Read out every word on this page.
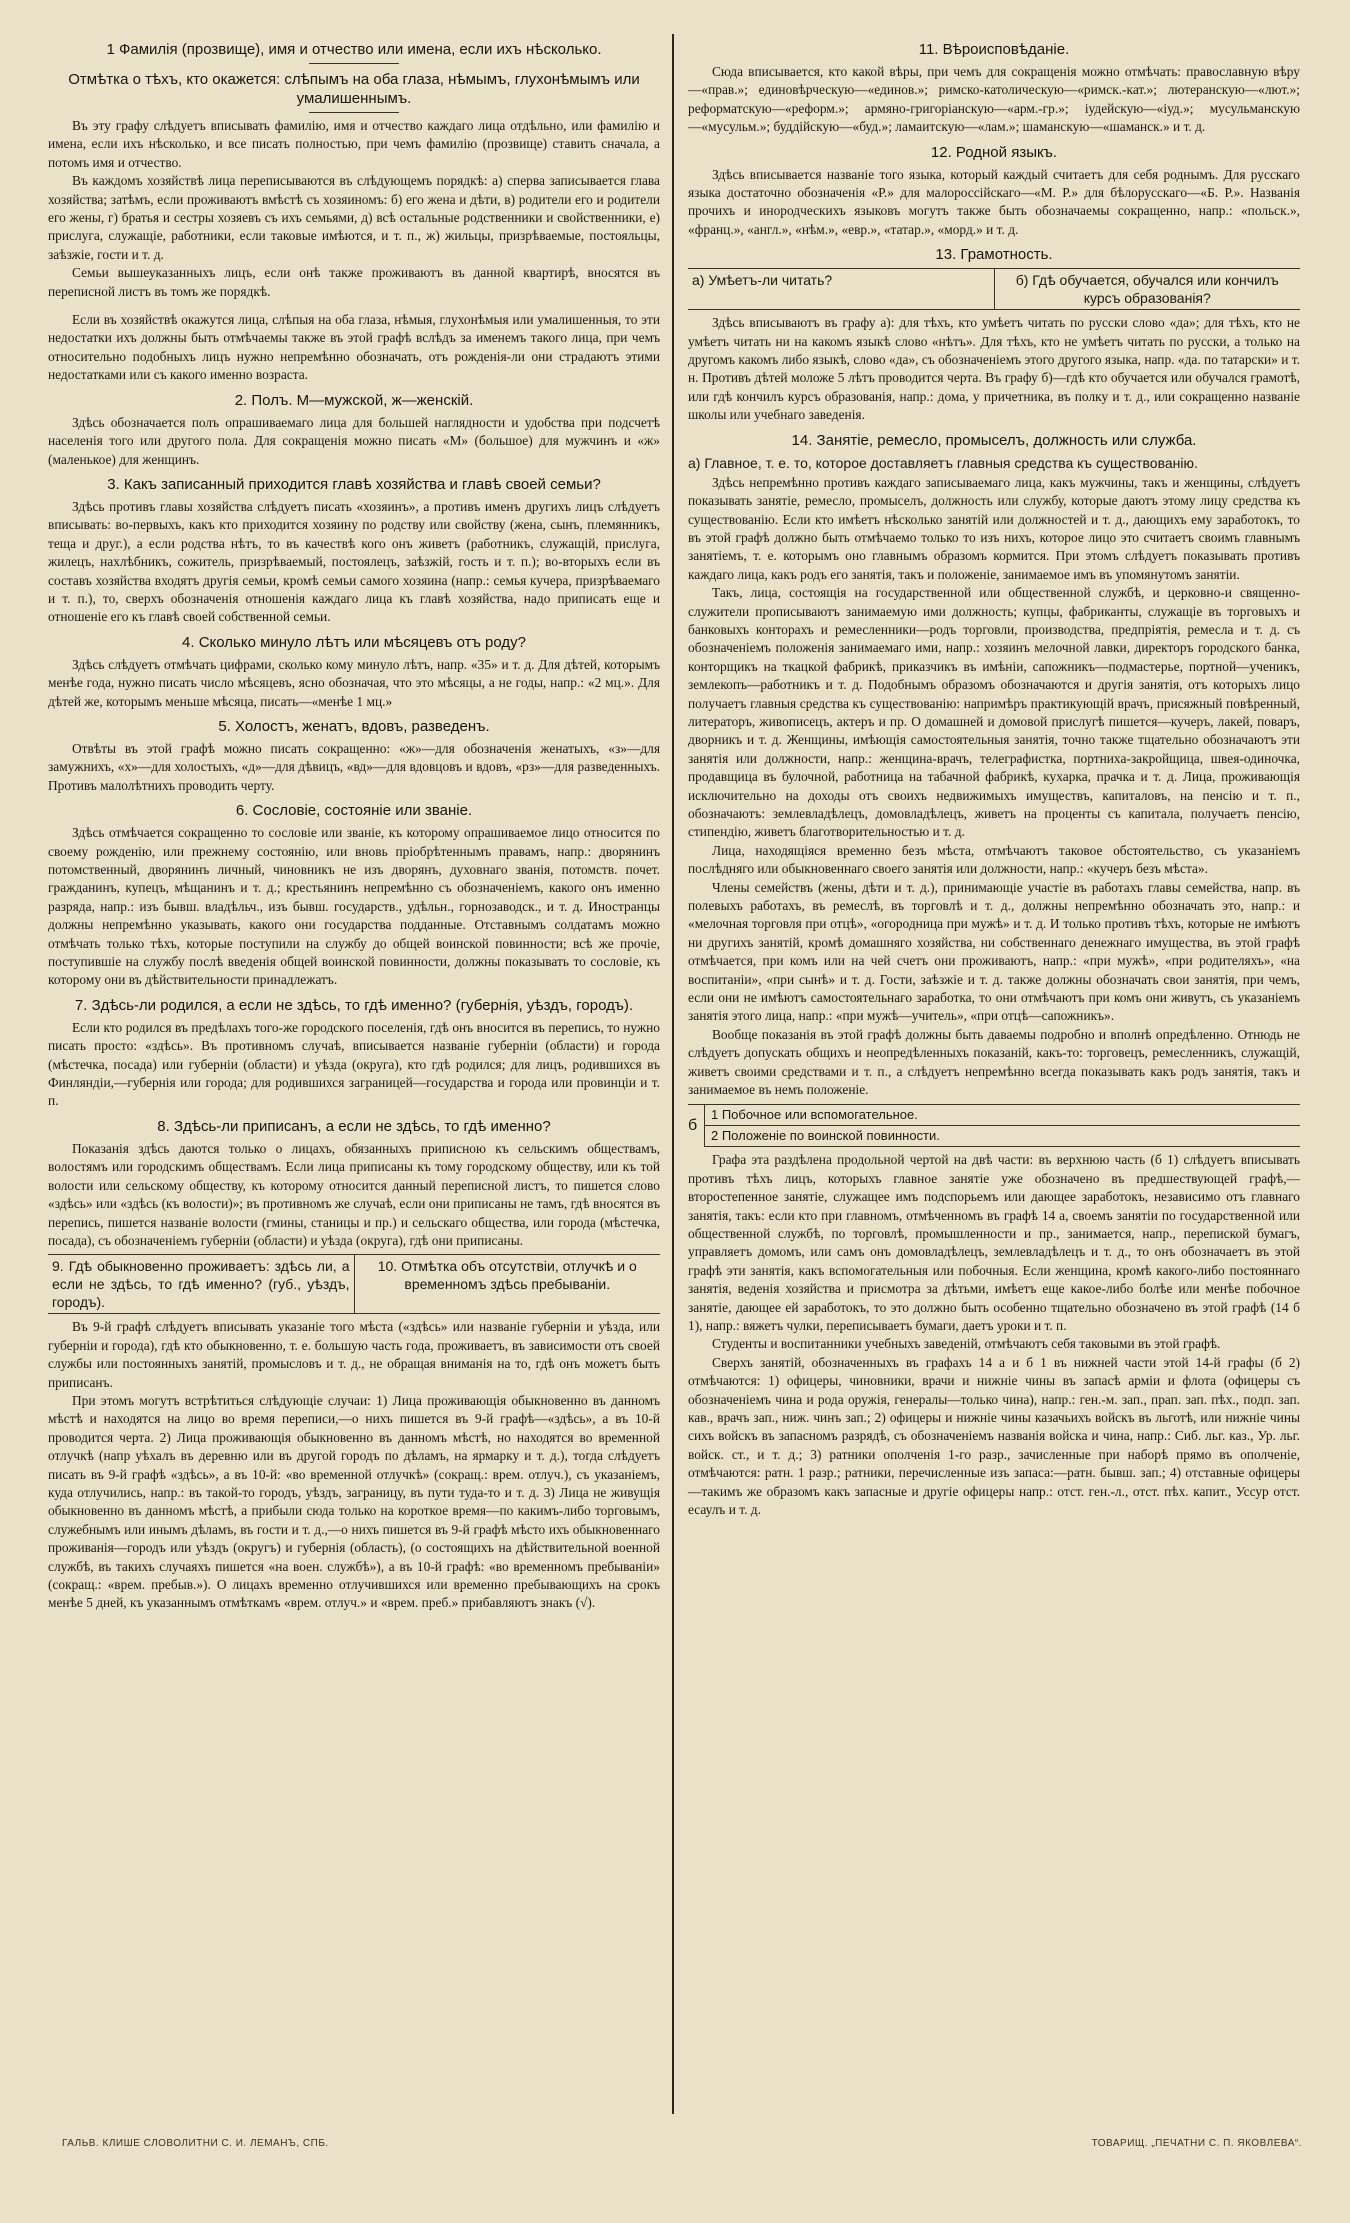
1 Фамилія (прозвище), имя и отчество или имена, если ихъ нѣсколько.
Отмѣтка о тѣхъ, кто окажется: слѣпымъ на оба глаза, нѣмымъ, глухонѣмымъ или умалишеннымъ.

Въ эту графу слѣдуетъ вписывать фамилію, имя и отчество каждаго лица отдѣльно, или фамилію и имена, если ихъ нѣсколько, и все писать полностью, при чемъ фамилію (прозвище) ставить сначала, а потомъ имя и отчество.

Въ каждомъ хозяйствѣ лица переписываются въ слѣдующемъ порядкѣ: а) сперва записывается глава хозяйства; затѣмъ, если проживаютъ вмѣстѣ съ хозяиномъ: б) его жена и дѣти, в) родители его и родители его жены, г) братья и сестры хозяевъ съ ихъ семьями, д) всѣ остальные родственники и свойственники, е) прислуга, служащіе, работники, если таковые имѣются, и т. п., ж) жильцы, призрѣваемые, постояльцы, заѣзжіе, гости и т. д.

Семьи вышеуказанныхъ лицъ, если онѣ также проживаютъ въ данной квартирѣ, вносятся въ переписной листъ въ томъ же порядкѣ.

Если въ хозяйствѣ окажутся лица, слѣпыя на оба глаза, нѣмыя, глухонѣмыя или умалишенныя, то эти недостатки ихъ должны быть отмѣчаемы также въ этой графѣ вслѣдъ за именемъ такого лица, при чемъ относительно подобныхъ лицъ нужно непремѣнно обозначать, отъ рожденія-ли они страдаютъ этими недостатками или съ какого именно возраста.

2. Полъ. М—мужской, ж—женскій.

Здѣсь обозначается полъ опрашиваемаго лица для большей наглядности и удобства при подсчетѣ населенія того или другого пола. Для сокращенія можно писать «М» (большое) для мужчинъ и «ж» (маленькое) для женщинъ.

3. Какъ записанный приходится главѣ хозяйства и главѣ своей семьи?

Здѣсь противъ главы хозяйства слѣдуетъ писать «хозяинъ», а противъ именъ другихъ лицъ слѣдуетъ вписывать: во-первыхъ, какъ кто приходится хозяину по родству или свойству (жена, сынъ, племянникъ, теща и друг.), а если родства нѣтъ, то въ качествѣ кого онъ живетъ (работникъ, служащій, прислуга, жилецъ, нахлѣбникъ, сожитель, призрѣваемый, постоялецъ, заѣзжій, гость и т. п.); во-вторыхъ если въ составъ хозяйства входятъ другія семьи, кромѣ семьи самого хозяина (напр.: семья кучера, призрѣваемаго и т. п.), то, сверхъ обозначенія отношенія каждаго лица къ главѣ хозяйства, надо приписать еще и отношеніе его къ главѣ своей собственной семьи.

4. Сколько минуло лѣтъ или мѣсяцевъ отъ роду?

Здѣсь слѣдуетъ отмѣчать цифрами, сколько кому минуло лѣтъ, напр. «35» и т. д. Для дѣтей, которымъ менѣе года, нужно писать число мѣсяцевъ, ясно обозначая, что это мѣсяцы, а не годы, напр.: «2 мц.». Для дѣтей же, которымъ меньше мѣсяца, писать—«менѣе 1 мц.»

5. Холостъ, женатъ, вдовъ, разведенъ.

Отвѣты въ этой графѣ можно писать сокращенно: «ж»—для обозначенія женатыхъ, «з»—для замужнихъ, «х»—для холостыхъ, «д»—для дѣвицъ, «вд»—для вдовцовъ и вдовъ, «рз»—для разведенныхъ. Противъ малолѣтнихъ проводить черту.

6. Сословіе, состояніе или званіе.

Здѣсь отмѣчается сокращенно то сословіе или званіе, къ которому опрашиваемое лицо относится по своему рожденію, или прежнему состоянію, или вновь пріобрѣтеннымъ правамъ, напр.: дворянинъ потомственный, дворянинъ личный, чиновникъ не изъ дворянъ, духовнаго званія, потомств. почет. гражданинъ, купецъ, мѣщанинъ и т. д.; крестьянинъ непремѣнно съ обозначеніемъ, какого онъ именно разряда, напр.: изъ бывш. владѣльч., изъ бывш. государств., удѣльн., горнозаводск., и т. д. Иностранцы должны непремѣнно указывать, какого они государства подданные. Отставнымъ солдатамъ можно отмѣчать только тѣхъ, которые поступили на службу до общей воинской повинности; всѣ же прочіе, поступившіе на службу послѣ введенія общей воинской повинности, должны показывать то сословіе, къ которому они въ дѣйствительности принадлежатъ.

7. Здѣсь-ли родился, а если не здѣсь, то гдѣ именно? (губернія, уѣздъ, городъ).

Если кто родился въ предѣлахъ того-же городского поселенія, гдѣ онъ вносится въ перепись, то нужно писать просто: «здѣсь». Въ противномъ случаѣ, вписывается названіе губерніи (области) и города (мѣстечка, посада) или губерніи (области) и уѣзда (округа), кто гдѣ родился; для лицъ, родившихся въ Финляндіи,—губернія или города; для родившихся заграницей—государства и города или провинціи и т. п.

8. Здѣсь-ли приписанъ, а если не здѣсь, то гдѣ именно?

Показанія здѣсь даются только о лицахъ, обязанныхъ приписною къ сельскимъ обществамъ, волостямъ или городскимъ обществамъ. Если лица приписаны къ тому городскому обществу, или къ той волости или сельскому обществу, къ которому относится данный переписной листъ, то пишется слово «здѣсь» или «здѣсь (къ волости)»; въ противномъ же случаѣ, если они приписаны не тамъ, гдѣ вносятся въ перепись, пишется названіе волости (гмины, станицы и пр.) и сельскаго общества, или города (мѣстечка, посада), съ обозначеніемъ губерніи (области) и уѣзда (округа), гдѣ они приписаны.

9. Гдѣ обыкновенно проживаетъ: здѣсь ли, а если не здѣсь, то гдѣ именно? (губ., уѣздъ, городъ).
10. Отмѣтка объ отсутствіи, отлучкѣ и о временномъ здѣсь пребываніи.

Въ 9-й графѣ слѣдуетъ вписывать указаніе того мѣста («здѣсь» или названіе губерніи и уѣзда, или губерніи и города), гдѣ кто обыкновенно, т. е. большую часть года, проживаетъ, въ зависимости отъ своей службы или постоянныхъ занятій, промысловъ и т. д., не обращая вниманія на то, гдѣ онъ можетъ быть приписанъ.

При этомъ могутъ встрѣтиться слѣдующіе случаи: 1) Лица проживающія обыкновенно въ данномъ мѣстѣ и находятся на лицо во время переписи,—о нихъ пишется въ 9-й графѣ—«здѣсь», а въ 10-й проводится черта. 2) Лица проживающія обыкновенно въ данномъ мѣстѣ, но находятся во временной отлучкѣ (напр уѣхалъ въ деревню или въ другой городъ по дѣламъ, на ярмарку и т. д.), тогда слѣдуетъ писать въ 9-й графѣ «здѣсь», а въ 10-й: «во временной отлучкѣ» (сокращ.: врем. отлуч.), съ указаніемъ, куда отлучились, напр.: въ такой-то городъ, уѣздъ, заграницу, въ пути туда-то и т. д. 3) Лица не живущія обыкновенно въ данномъ мѣстѣ, а прибыли сюда только на короткое время—по какимъ-либо торговымъ, служебнымъ или инымъ дѣламъ, въ гости и т. д.,—о нихъ пишется въ 9-й графѣ мѣсто ихъ обыкновеннаго проживанія—городъ или уѣздъ (округъ) и губернія (область), (о состоящихъ на дѣйствительной военной службѣ, въ такихъ случаяхъ пишется «на воен. службѣ»), а въ 10-й графѣ: «во временномъ пребываніи» (сокращ.: «врем. пребыв.»). О лицахъ временно отлучившихся или временно пребывающихъ на срокъ менѣе 5 дней, къ указаннымъ отмѣткамъ «врем. отлуч.» и «врем. преб.» прибавляютъ знакъ (√).

11. Вѣроисповѣданіе.

Сюда вписывается, кто какой вѣры, при чемъ для сокращенія можно отмѣчать: православную вѣру—«прав.»; единовѣрческую—«единов.»; римско-католическую—«римск.-кат.»; лютеранскую—«лют.»; реформатскую—«реформ.»; армяно-григоріанскую—«арм.-гр.»; іудейскую—«іуд.»; мусульманскую—«мусульм.»; буддійскую—«буд.»; ламаитскую—«лам.»; шаманскую—«шаманск.» и т. д.

12. Родной языкъ.

Здѣсь вписывается названіе того языка, который каждый считаетъ для себя роднымъ. Для русскаго языка достаточно обозначенія «Р.» для малороссійскаго—«М. Р.» для бѣлорусскаго—«Б. Р.». Названія прочихъ и инородческихъ языковъ могутъ также быть обозначаемы сокращенно, напр.: «польск.», «франц.», «англ.», «нѣм.», «евр.», «татар.», «морд.» и т. д.

13. Грамотность.
а) Умѣетъ-ли читать?	б) Гдѣ обучается, обучался или кончилъ курсъ образованія?

Здѣсь вписываютъ въ графу а): для тѣхъ, кто умѣетъ читать по русски слово «да»; для тѣхъ, кто не умѣетъ читать ни на какомъ языкѣ слово «нѣтъ». Для тѣхъ, кто не умѣетъ читать по русски, а только на другомъ какомъ либо языкѣ, слово «да», съ обозначеніемъ этого другого языка, напр. «да. по татарски» и т. н. Противъ дѣтей моложе 5 лѣтъ проводится черта. Въ графу б)—гдѣ кто обучается или обучался грамотѣ, или гдѣ кончилъ курсъ образованія, напр.: дома, у причетника, въ полку и т. д., или сокращенно названіе школы или учебнаго заведенія.

14. Занятіе, ремесло, промыселъ, должность или служба.
а) Главное, т. е. то, которое доставляетъ главныя средства къ существованію.

Здѣсь непремѣнно противъ каждаго записываемаго лица, какъ мужчины, такъ и женщины, слѣдуетъ показывать занятіе, ремесло, промыселъ, должность или службу, которые даютъ этому лицу средства къ существованію. Если кто имѣетъ нѣсколько занятій или должностей и т. д., дающихъ ему заработокъ, то въ этой графѣ должно быть отмѣчаемо только то изъ нихъ, которое лицо это считаетъ своимъ главнымъ занятіемъ, т. е. которымъ оно главнымъ образомъ кормится. При этомъ слѣдуетъ показывать противъ каждаго лица, какъ родъ его занятія, такъ и положеніе, занимаемое имъ въ упомянутомъ занятіи.

Такъ, лица, состоящія на государственной или общественной службѣ, и церковно-и священно-служители прописываютъ занимаемую ими должность; купцы, фабриканты, служащіе въ торговыхъ и банковыхъ конторахъ и ремесленники—родъ торговли, производства, предпріятія, ремесла и т. д. съ обозначеніемъ положенія занимаемаго ими, напр.: хозяинъ мелочной лавки, директоръ городского банка, конторщикъ на ткацкой фабрикѣ, приказчикъ въ имѣніи, сапожникъ—подмастерье, портной—ученикъ, землекопъ—работникъ и т. д. Подобнымъ образомъ обозначаются и другія занятія, отъ которыхъ лицо получаетъ главныя средства къ существованію: напримѣръ практикующій врачъ, присяжный повѣренный, литераторъ, живописецъ, актеръ и пр. О домашней и домовой прислугѣ пишется—кучеръ, лакей, поваръ, дворникъ и т. д. Женщины, имѣющія самостоятельныя занятія, точно также тщательно обозначаютъ эти занятія или должности, напр.: женщина-врачъ, телеграфистка, портниха-закройщица, швея-одиночка, продавщица въ булочной, работница на табачной фабрикѣ, кухарка, прачка и т. д. Лица, проживающія исключительно на доходы отъ своихъ недвижимыхъ имуществъ, капиталовъ, на пенсію и т. п., обозначаютъ: землевладѣлецъ, домовладѣлецъ, живетъ на проценты съ капитала, получаетъ пенсію, стипендію, живетъ благотворительностью и т. д.

Лица, находящіяся временно безъ мѣста, отмѣчаютъ таковое обстоятельство, съ указаніемъ послѣдняго или обыкновеннаго своего занятія или должности, напр.: «кучеръ безъ мѣста».

Члены семействъ (жены, дѣти и т. д.), принимающіе участіе въ работахъ главы семейства, напр. въ полевыхъ работахъ, въ ремеслѣ, въ торговлѣ и т. д., должны непремѣнно обозначать это, напр.: и «мелочная торговля при отцѣ», «огородница при мужѣ» и т. д. И только противъ тѣхъ, которые не имѣютъ ни другихъ занятій, кромѣ домашняго хозяйства, ни собственнаго денежнаго имущества, въ этой графѣ отмѣчается, при комъ или на чей счетъ они проживаютъ, напр.: «при мужѣ», «при родителяхъ», «на воспитаніи», «при сынѣ» и т. д. Гости, заѣзжіе и т. д. также должны обозначать свои занятія, при чемъ, если они не имѣютъ самостоятельнаго заработка, то они отмѣчаютъ при комъ они живутъ, съ указаніемъ занятія этого лица, напр.: «при мужѣ—учитель», «при отцѣ—сапожникъ».

Вообще показанія въ этой графѣ должны быть даваемы подробно и вполнѣ опредѣленно. Отнюдь не слѣдуетъ допускать общихъ и неопредѣленныхъ показаній, какъ-то: торговецъ, ремесленникъ, служащій, живетъ своими средствами и т. п., а слѣдуетъ непремѣнно всегда показывать какъ родъ занятія, такъ и занимаемое въ немъ положеніе.

б
1 Побочное или вспомогательное.
2 Положеніе по воинской повинности.

Графа эта раздѣлена продольной чертой на двѣ части: въ верхнюю часть (б 1) слѣдуетъ вписывать противъ тѣхъ лицъ, которыхъ главное занятіе уже обозначено въ предшествующей графѣ,—второстепенное занятіе, служащее имъ подспорьемъ или дающее заработокъ, независимо отъ главнаго занятія, такъ: если кто при главномъ, отмѣченномъ въ графѣ 14 а, своемъ занятіи по государственной или общественной службѣ, по торговлѣ, промышленности и пр., занимается, напр., перепиской бумагъ, управляетъ домомъ, или самъ онъ домовладѣлецъ, землевладѣлецъ и т. д., то онъ обозначаетъ въ этой графѣ эти занятія, какъ вспомогательныя или побочныя. Если женщина, кромѣ какого-либо постояннаго занятія, веденія хозяйства и присмотра за дѣтьми, имѣетъ еще какое-либо болѣе или менѣе побочное занятіе, дающее ей заработокъ, то это должно быть особенно тщательно обозначено въ этой графѣ (14 б 1), напр.: вяжетъ чулки, переписываетъ бумаги, даетъ уроки и т. п.

Студенты и воспитанники учебныхъ заведеній, отмѣчаютъ себя таковыми въ этой графѣ.

Сверхъ занятій, обозначенныхъ въ графахъ 14 а и б 1 въ нижней части этой 14-й графы (б 2) отмѣчаются: 1) офицеры, чиновники, врачи и нижніе чины въ запасѣ арміи и флота (офицеры съ обозначеніемъ чина и рода оружія, генералы—только чина), напр.: ген.-м. зап., прап. зап. пѣх., подп. зап. кав., врачъ зап., ниж. чинъ зап.; 2) офицеры и нижніе чины казачьихъ войскъ въ льготѣ, или нижніе чины сихъ войскъ въ запасномъ разрядѣ, съ обозначеніемъ названія войска и чина, напр.: Сиб. льг. каз., Ур. льг. войск. ст., и т. д.; 3) ратники ополченія 1-го разр., зачисленные при наборѣ прямо въ ополченіе, отмѣчаются: ратн. 1 разр.; ратники, перечисленные изъ запаса:—ратн. бывш. зап.; 4) отставные офицеры—такимъ же образомъ какъ запасные и другіе офицеры напр.: отст. ген.-л., отст. пѣх. капит., Уссур отст. есаулъ и т. д.

ГАЛЬВ. КЛИШЕ СЛОВОЛИТНИ С. И. ЛЕМАНЪ, СПБ.	ТОВАРИЩ. „ПЕЧАТНИ С. П. ЯКОВЛЕВА“.
